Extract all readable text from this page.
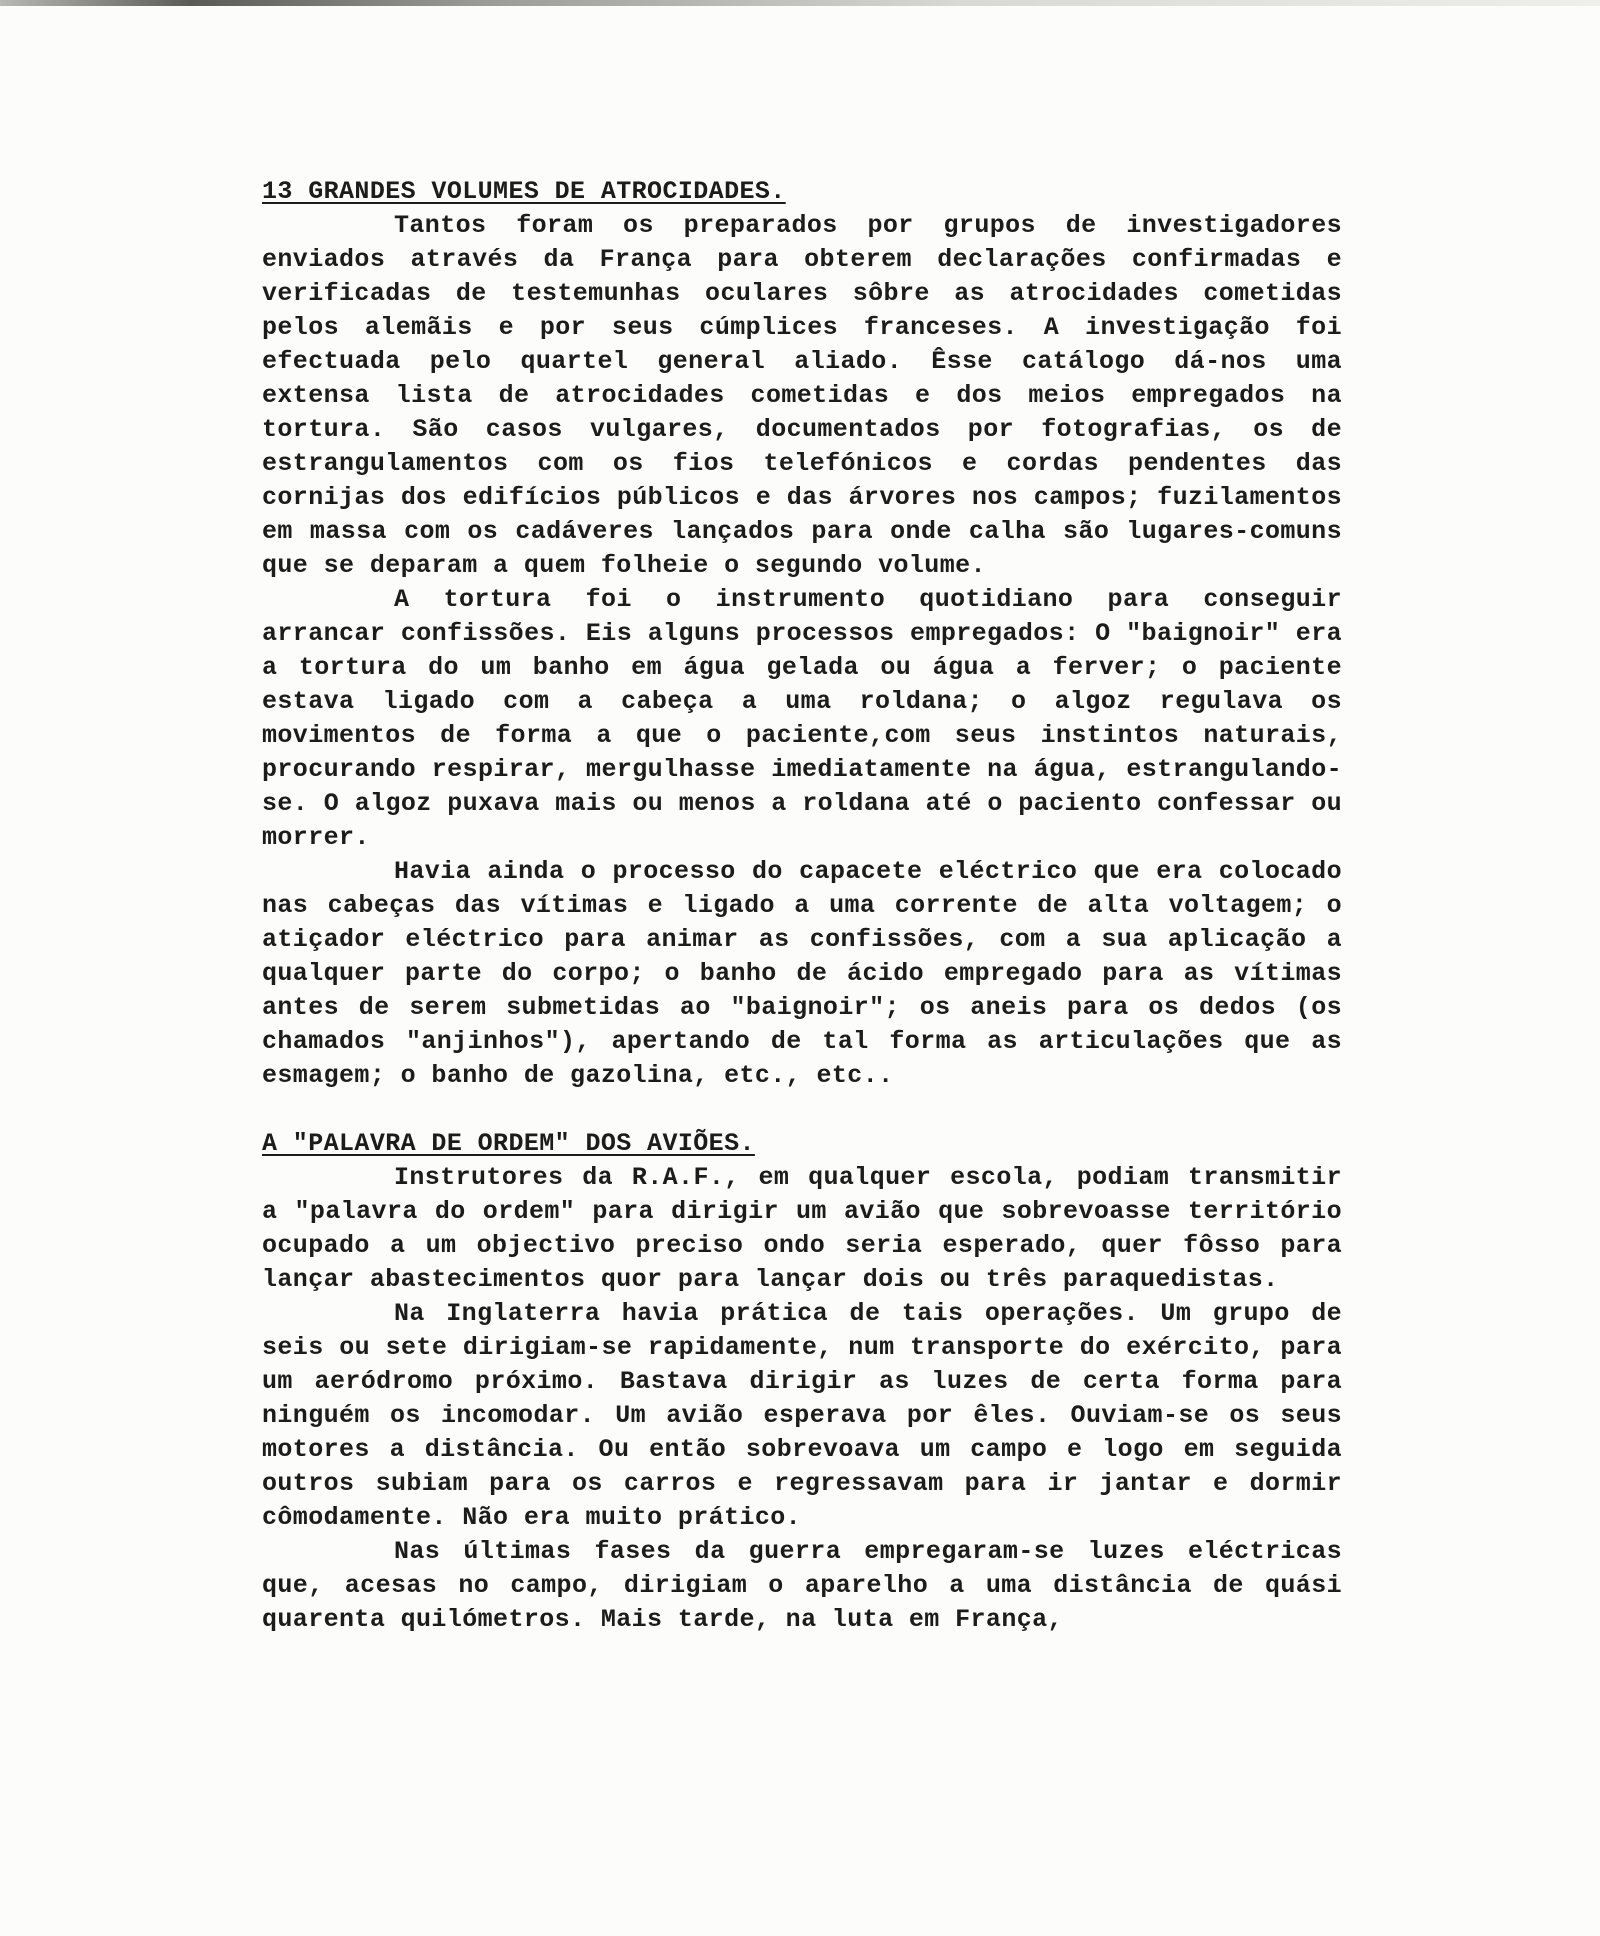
13 GRANDES VOLUMES DE ATROCIDADES.

Tantos foram os preparados por grupos de investigadores enviados através da França para obterem declarações confirmadas e verificadas de testemunhas oculares sôbre as atrocidades cometidas pelos alemãis e por seus cúmplices franceses. A investigação foi efectuada pelo quartel general aliado. Êsse catálogo dá-nos uma extensa lista de atrocidades cometidas e dos meios empregados na tortura. São casos vulgares, documentados por fotografias, os de estrangulamentos com os fios telefónicos e cordas pendentes das cornijas dos edifícios públicos e das árvores nos campos; fuzilamentos em massa com os cadáveres lançados para onde calha são lugares-comuns que se deparam a quem folheie o segundo volume.

A tortura foi o instrumento quotidiano para conseguir arrancar confissões. Eis alguns processos empregados: O "baignoir" era a tortura do um banho em água gelada ou água a ferver; o paciente estava ligado com a cabeça a uma roldana; o algoz regulava os movimentos de forma a que o paciente,com seus instintos naturais, procurando respirar, mergulhasse imediatamente na água, estrangulando-se. O algoz puxava mais ou menos a roldana até o paciento confessar ou morrer.

Havia ainda o processo do capacete eléctrico que era colocado nas cabeças das vítimas e ligado a uma corrente de alta voltagem; o atiçador eléctrico para animar as confissões, com a sua aplicação a qualquer parte do corpo; o banho de ácido empregado para as vítimas antes de serem submetidas ao "baignoir"; os aneis para os dedos (os chamados "anjinhos"), apertando de tal forma as articulações que as esmagem; o banho de gazolina, etc., etc..

A "PALAVRA DE ORDEM" DOS AVIÕES.

Instrutores da R.A.F., em qualquer escola, podiam transmitir a "palavra do ordem" para dirigir um avião que sobrevoasse território ocupado a um objectivo preciso ondo seria esperado, quer fôsso para lançar abastecimentos quor para lançar dois ou três paraquedistas.

Na Inglaterra havia prática de tais operações. Um grupo de seis ou sete dirigiam-se rapidamente, num transporte do exército, para um aeródromo próximo. Bastava dirigir as luzes de certa forma para ninguém os incomodar. Um avião esperava por êles. Ouviam-se os seus motores a distância. Ou então sobrevoava um campo e logo em seguida outros subiam para os carros e regressavam para ir jantar e dormir cômodamente. Não era muito prático.

Nas últimas fases da guerra empregaram-se luzes eléctricas que, acesas no campo, dirigiam o aparelho a uma distância de quási quarenta quilómetros. Mais tarde, na luta em França,
